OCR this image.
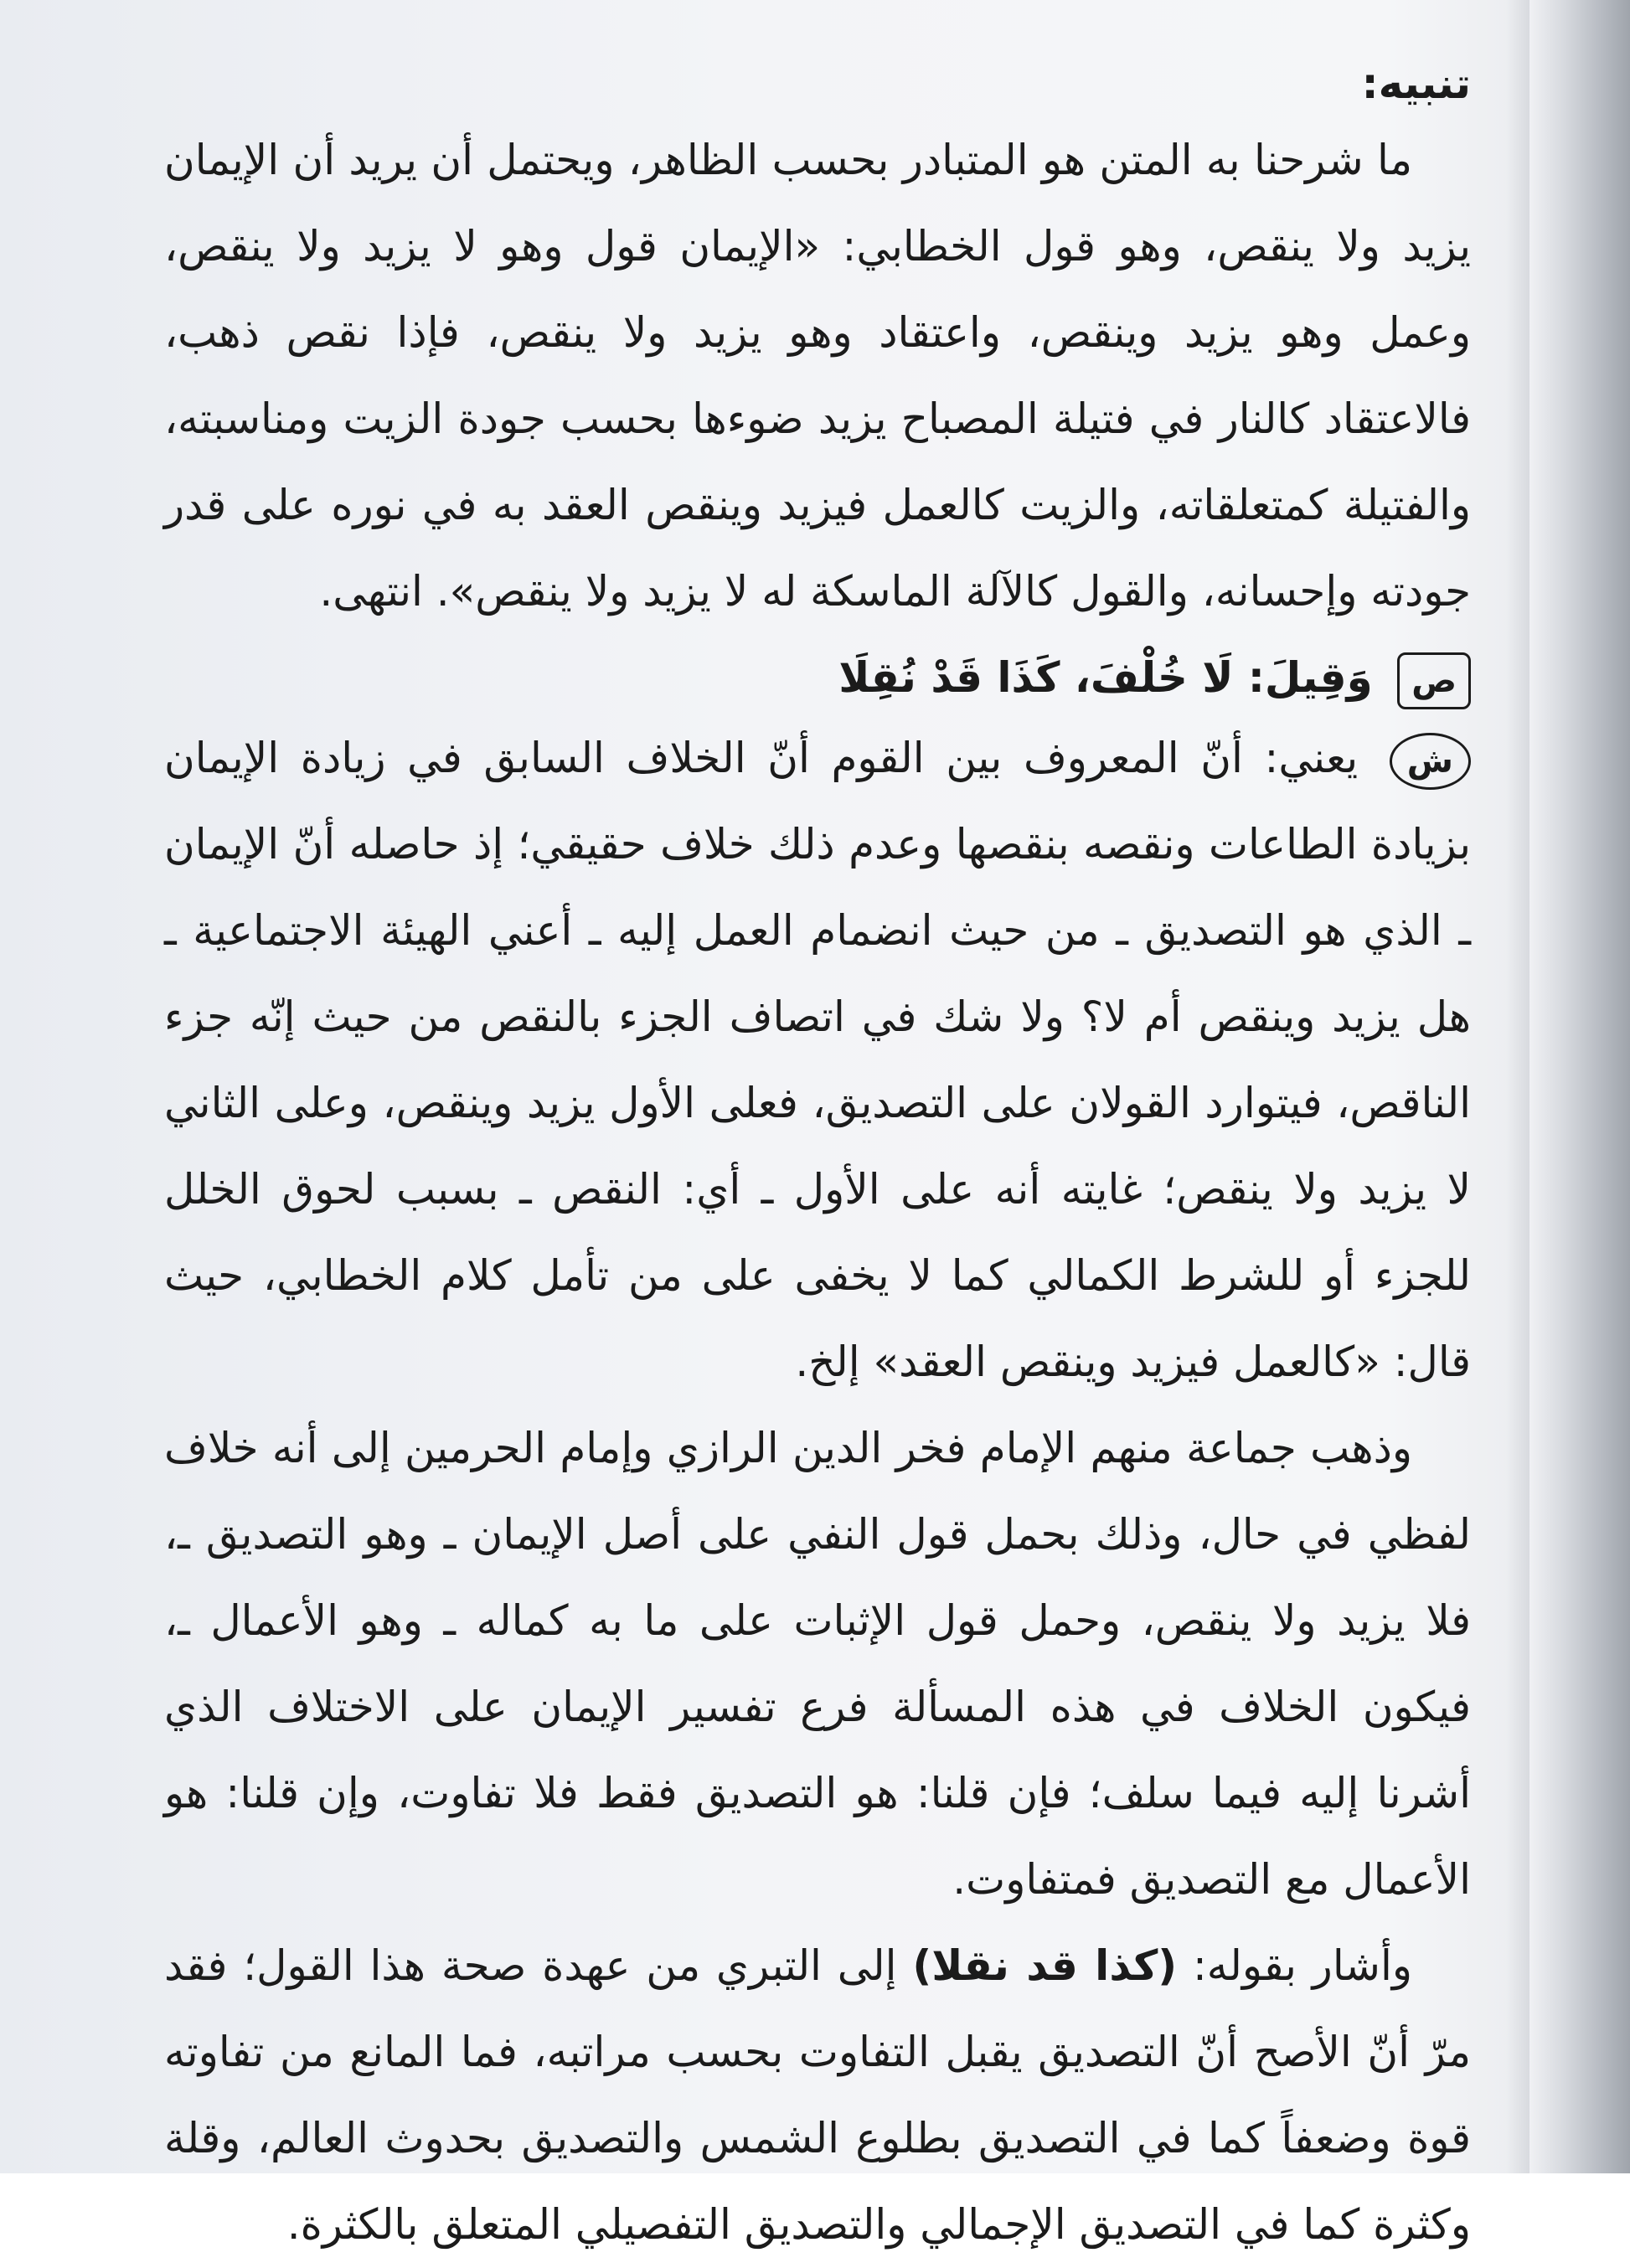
تنبيه:

ما شرحنا به المتن هو المتبادر بحسب الظاهر، ويحتمل أن يريد أن الإيمان يزيد ولا ينقص، وهو قول الخطابي: «الإيمان قول وهو لا يزيد ولا ينقص، وعمل وهو يزيد وينقص، واعتقاد وهو يزيد ولا ينقص، فإذا نقص ذهب، فالاعتقاد كالنار في فتيلة المصباح يزيد ضوءها بحسب جودة الزيت ومناسبته، والفتيلة كمتعلقاته، والزيت كالعمل فيزيد وينقص العقد به في نوره على قدر جودته وإحسانه، والقول كالآلة الماسكة له لا يزيد ولا ينقص». انتهى.

ص وَقِيلَ: لَا خُلْفَ، كَذَا قَدْ نُقِلَا

ش يعني: أنّ المعروف بين القوم أنّ الخلاف السابق في زيادة الإيمان بزيادة الطاعات ونقصه بنقصها وعدم ذلك خلاف حقيقي؛ إذ حاصله أنّ الإيمان ـ الذي هو التصديق ـ من حيث انضمام العمل إليه ـ أعني الهيئة الاجتماعية ـ هل يزيد وينقص أم لا؟ ولا شك في اتصاف الجزء بالنقص من حيث إنّه جزء الناقص، فيتوارد القولان على التصديق، فعلى الأول يزيد وينقص، وعلى الثاني لا يزيد ولا ينقص؛ غايته أنه على الأول ـ أي: النقص ـ بسبب لحوق الخلل للجزء أو للشرط الكمالي كما لا يخفى على من تأمل كلام الخطابي، حيث قال: «كالعمل فيزيد وينقص العقد» إلخ.

وذهب جماعة منهم الإمام فخر الدين الرازي وإمام الحرمين إلى أنه خلاف لفظي في حال، وذلك بحمل قول النفي على أصل الإيمان ـ وهو التصديق ـ، فلا يزيد ولا ينقص، وحمل قول الإثبات على ما به كماله ـ وهو الأعمال ـ، فيكون الخلاف في هذه المسألة فرع تفسير الإيمان على الاختلاف الذي أشرنا إليه فيما سلف؛ فإن قلنا: هو التصديق فقط فلا تفاوت، وإن قلنا: هو الأعمال مع التصديق فمتفاوت.

وأشار بقوله: (كذا قد نقلا) إلى التبري من عهدة صحة هذا القول؛ فقد مرّ أنّ الأصح أنّ التصديق يقبل التفاوت بحسب مراتبه، فما المانع من تفاوته قوة وضعفاً كما في التصديق بطلوع الشمس والتصديق بحدوث العالم، وقلة وكثرة كما في التصديق الإجمالي والتصديق التفصيلي المتعلق بالكثرة.
